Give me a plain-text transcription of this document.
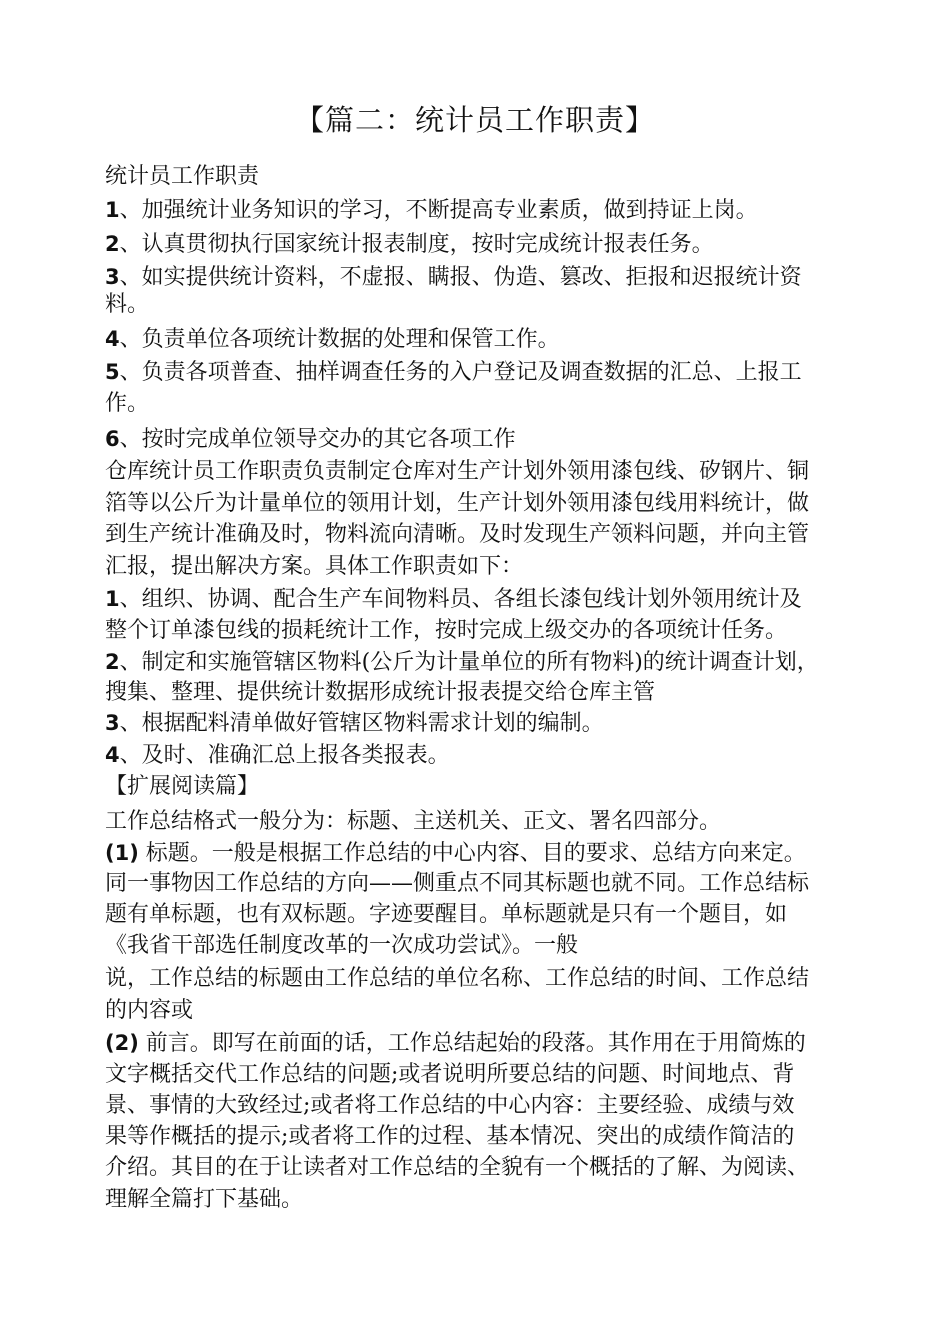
【篇二：统计员工作职责】
统计员工作职责
1、加强统计业务知识的学习，不断提高专业素质，做到持证上岗。
2、认真贯彻执行国家统计报表制度，按时完成统计报表任务。
3、如实提供统计资料，不虚报、瞒报、伪造、篡改、拒报和迟报统计资
料。
4、负责单位各项统计数据的处理和保管工作。
5、负责各项普查、抽样调查任务的入户登记及调查数据的汇总、上报工
作。
6、按时完成单位领导交办的其它各项工作
仓库统计员工作职责负责制定仓库对生产计划外领用漆包线、矽钢片、铜
箔等以公斤为计量单位的领用计划，生产计划外领用漆包线用料统计，做
到生产统计准确及时，物料流向清晰。及时发现生产领料问题，并向主管
汇报，提出解决方案。具体工作职责如下：
1、组织、协调、配合生产车间物料员、各组长漆包线计划外领用统计及
整个订单漆包线的损耗统计工作，按时完成上级交办的各项统计任务。
2、制定和实施管辖区物料(公斤为计量单位的所有物料)的统计调查计划，
搜集、整理、提供统计数据形成统计报表提交给仓库主管
3、根据配料清单做好管辖区物料需求计划的编制。
4、及时、准确汇总上报各类报表。
【扩展阅读篇】
工作总结格式一般分为：标题、主送机关、正文、署名四部分。
(1) 标题。一般是根据工作总结的中心内容、目的要求、总结方向来定。
同一事物因工作总结的方向——侧重点不同其标题也就不同。工作总结标
题有单标题，也有双标题。字迹要醒目。单标题就是只有一个题目，如
《我省干部选任制度改革的一次成功尝试》。一般
说，工作总结的标题由工作总结的单位名称、工作总结的时间、工作总结
的内容或
(2) 前言。即写在前面的话，工作总结起始的段落。其作用在于用简炼的
文字概括交代工作总结的问题;或者说明所要总结的问题、时间地点、背
景、事情的大致经过;或者将工作总结的中心内容：主要经验、成绩与效
果等作概括的提示;或者将工作的过程、基本情况、突出的成绩作简洁的
介绍。其目的在于让读者对工作总结的全貌有一个概括的了解、为阅读、
理解全篇打下基础。
